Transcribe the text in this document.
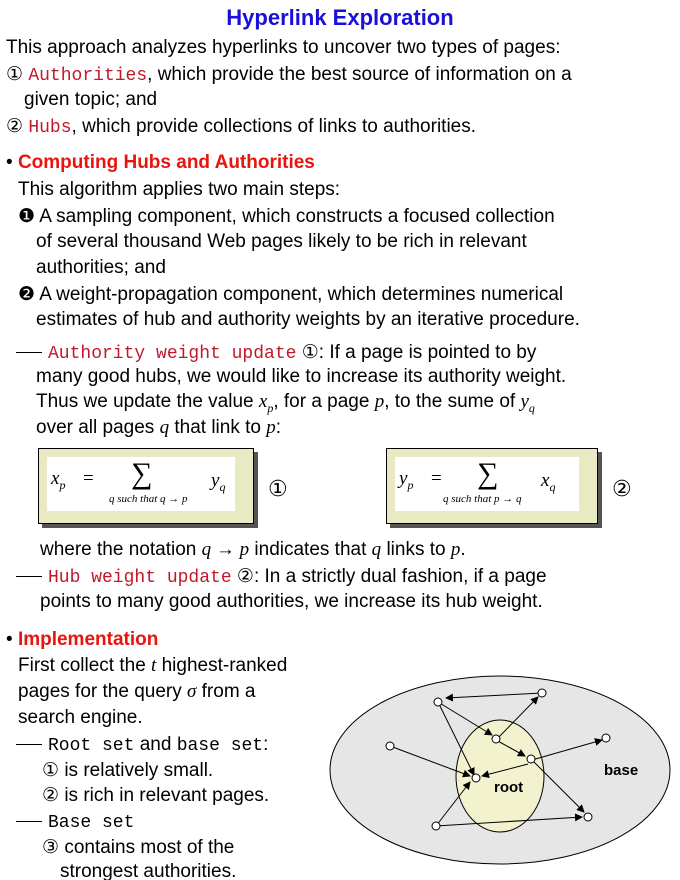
Hyperlink Exploration
This approach analyzes hyperlinks to uncover two types of pages:
① Authorities, which provide the best source of information on a
given topic; and
② Hubs, which provide collections of links to authorities.
• Computing Hubs and Authorities
This algorithm applies two main steps:
❶ A sampling component, which constructs a focused collection
of several thousand Web pages likely to be rich in relevant
authorities; and
❷ A weight-propagation component, which determines numerical
estimates of hub and authority weights by an iterative procedure.
Authority weight update ①: If a page is pointed to by
many good hubs, we would like to increase its authority weight.
Thus we update the value $x_p$, for a page p, to the sume of $y_q$
over all pages q that link to p:
$x_p$ = ∑
q such that q → p
$y_q$ ①	$y_p$ = ∑
q such that p → q
$x_q$	②
where the notation q → p indicates that q links to p.
Hub weight update ②: In a strictly dual fashion, if a page
points to many good authorities, we increase its hub weight.
• Implementation
First collect the t highest-ranked
pages for the query σ from a
search engine.
Root set and base set:
① is relatively small.
② is rich in relevant pages.
Base set
③ contains most of the
strongest authorities.
root
base
